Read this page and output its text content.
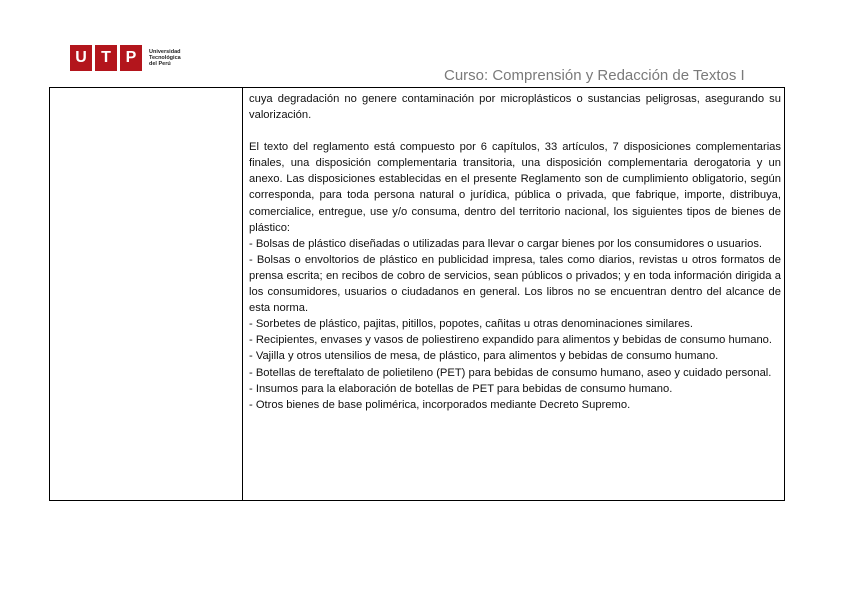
U T P	Universidad
Tecnológica
del Perú
Curso: Comprensión y Redacción de Textos I

cuya degradación no genere contaminación por microplásticos o sustancias peligrosas, asegurando su valorización.

El texto del reglamento está compuesto por 6 capítulos, 33 artículos, 7 disposiciones complementarias finales, una disposición complementaria transitoria, una disposición complementaria derogatoria y un anexo. Las disposiciones establecidas en el presente Reglamento son de cumplimiento obligatorio, según corresponda, para toda persona natural o jurídica, pública o privada, que fabrique, importe, distribuya, comercialice, entregue, use y/o consuma, dentro del territorio nacional, los siguientes tipos de bienes de plástico:

- Bolsas de plástico diseñadas o utilizadas para llevar o cargar bienes por los consumidores o usuarios.

- Bolsas o envoltorios de plástico en publicidad impresa, tales como diarios, revistas u otros formatos de prensa escrita; en recibos de cobro de servicios, sean públicos o privados; y en toda información dirigida a los consumidores, usuarios o ciudadanos en general. Los libros no se encuentran dentro del alcance de esta norma.

- Sorbetes de plástico, pajitas, pitillos, popotes, cañitas u otras denominaciones similares.

- Recipientes, envases y vasos de poliestireno expandido para alimentos y bebidas de consumo humano.

- Vajilla y otros utensilios de mesa, de plástico, para alimentos y bebidas de consumo humano.

- Botellas de tereftalato de polietileno (PET) para bebidas de consumo humano, aseo y cuidado personal.

- Insumos para la elaboración de botellas de PET para bebidas de consumo humano.

- Otros bienes de base polimérica, incorporados mediante Decreto Supremo.
